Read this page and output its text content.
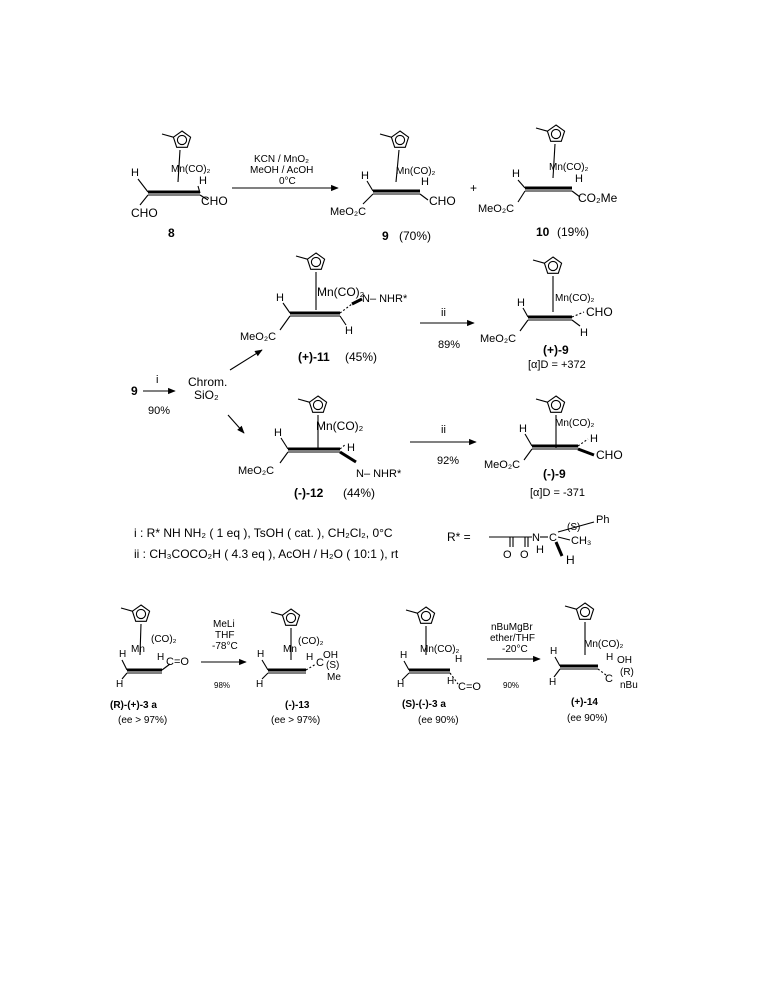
Mn(CO)₂
H
H
CHO
CHO
8
KCN / MnO₂
MeOH / AcOH
0°C
Mn(CO)₂
H	H
MeO₂C
CHO
9 (70%)
+
Mn(CO)₂
H	H
MeO₂C
CO₂Me
10 (19%)
9
i
90%
Chrom.
SiO₂
Mn(CO)₂
H
H
MeO₂C
N– NHR*
(+)-11 (45%)
ii
89%
Mn(CO)₂
H
H
MeO₂C
CHO
(+)-9
[α]D = +372
Mn(CO)₂
H
H
MeO₂C	N– NHR*
(-)-12 (44%)
ii
92%
Mn(CO)₂
H
H
MeO₂C
CHO
(-)-9
[α]D = -371
i : R* NH NH₂ ( 1 eq ), TsOH ( cat. ), CH₂Cl₂, 0°C
ii : CH₃COCO₂H ( 4.3 eq ), AcOH / H₂O ( 10:1 ), rt
R* =
O O
N
H
C
(S)
Ph
CH₃
H
Mn
(CO)₂
H	H
H
C=O
(R)-(+)-3 a
(ee > 97%)
MeLi
THF
-78°C
98%
Mn
(CO)₂
H	H
H
C
OH
(S)
Me
(-)-13
(ee > 97%)
Mn(CO)₂
H	H
H	H C=O
(S)-(-)-3 a
(ee 90%)
nBuMgBr
ether/THF
-20°C
90%
Mn(CO)₂
H
H
H	C
OH
(R)
nBu
(+)-14
(ee 90%)
